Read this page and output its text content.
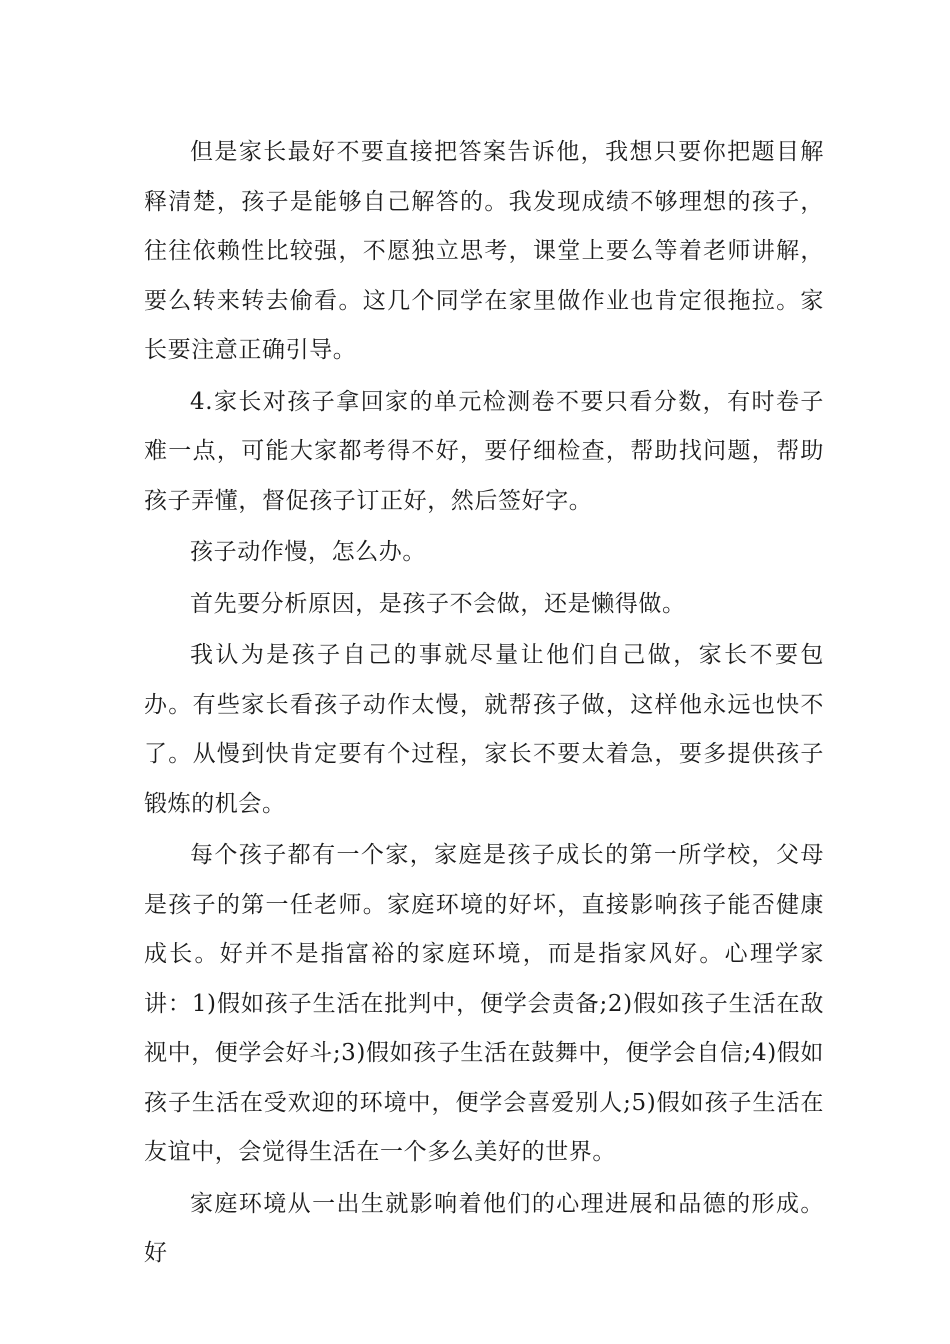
但是家长最好不要直接把答案告诉他，我想只要你把题目解释清楚，孩子是能够自己解答的。我发现成绩不够理想的孩子，往往依赖性比较强，不愿独立思考，课堂上要么等着老师讲解，要么转来转去偷看。这几个同学在家里做作业也肯定很拖拉。家长要注意正确引导。

4.家长对孩子拿回家的单元检测卷不要只看分数，有时卷子难一点，可能大家都考得不好，要仔细检查，帮助找问题，帮助孩子弄懂，督促孩子订正好，然后签好字。

孩子动作慢，怎么办。

首先要分析原因，是孩子不会做，还是懒得做。

我认为是孩子自己的事就尽量让他们自己做，家长不要包办。有些家长看孩子动作太慢，就帮孩子做，这样他永远也快不了。从慢到快肯定要有个过程，家长不要太着急，要多提供孩子锻炼的机会。

每个孩子都有一个家，家庭是孩子成长的第一所学校，父母是孩子的第一任老师。家庭环境的好坏，直接影响孩子能否健康成长。好并不是指富裕的家庭环境，而是指家风好。心理学家讲：1)假如孩子生活在批判中，便学会责备;2)假如孩子生活在敌视中，便学会好斗;3)假如孩子生活在鼓舞中，便学会自信;4)假如孩子生活在受欢迎的环境中，便学会喜爱别人;5)假如孩子生活在友谊中，会觉得生活在一个多么美好的世界。

家庭环境从一出生就影响着他们的心理进展和品德的形成。好
